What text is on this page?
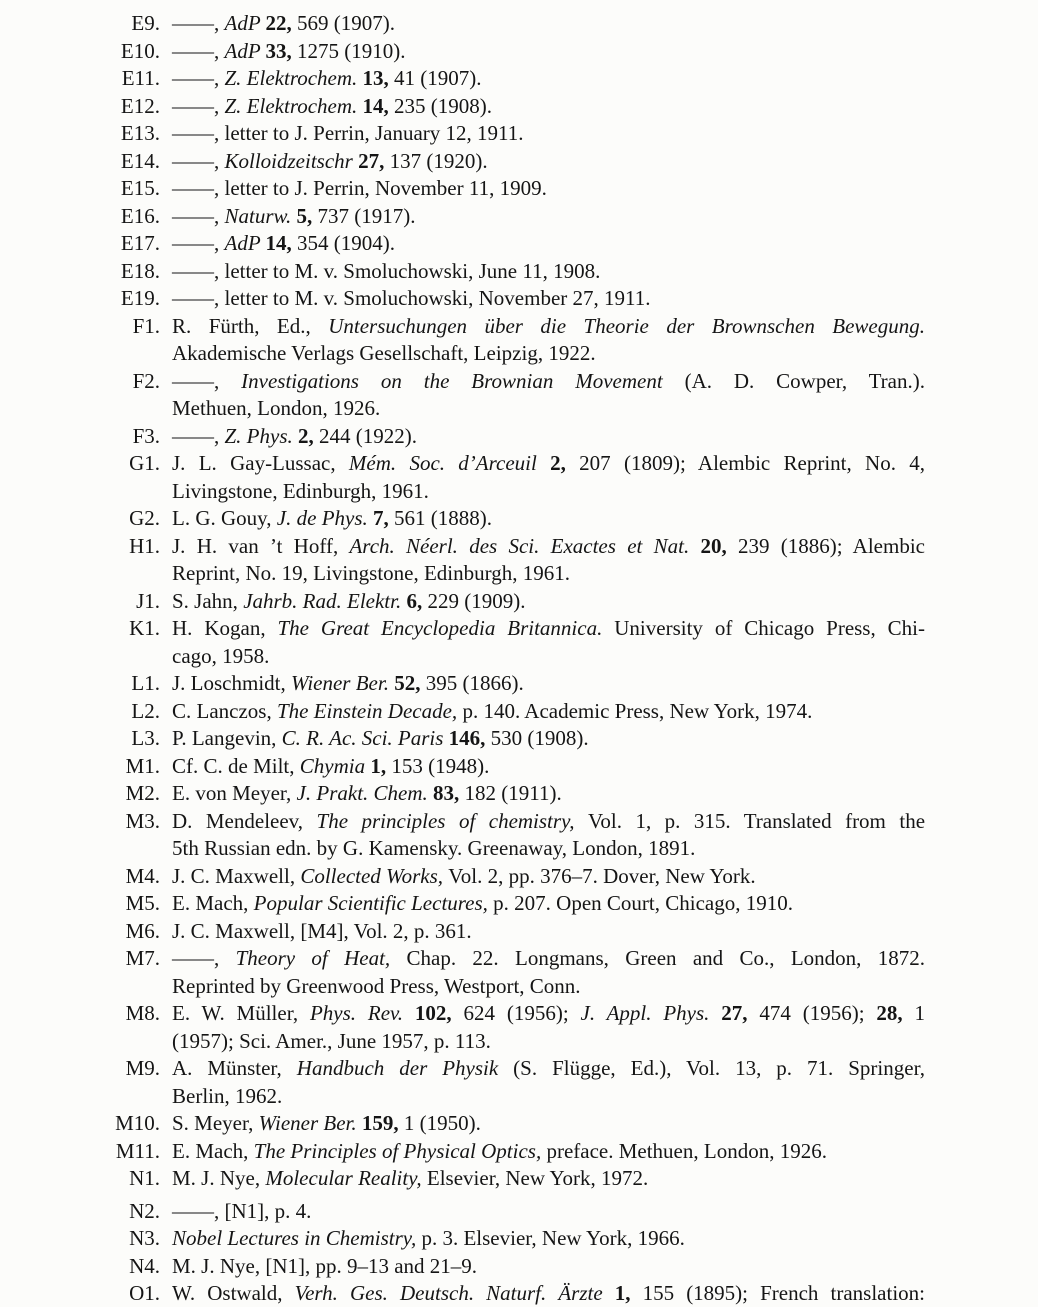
E9. ——, AdP 22, 569 (1907).
E10. ——, AdP 33, 1275 (1910).
E11. ——, Z. Elektrochem. 13, 41 (1907).
E12. ——, Z. Elektrochem. 14, 235 (1908).
E13. ——, letter to J. Perrin, January 12, 1911.
E14. ——, Kolloidzeitschr 27, 137 (1920).
E15. ——, letter to J. Perrin, November 11, 1909.
E16. ——, Naturw. 5, 737 (1917).
E17. ——, AdP 14, 354 (1904).
E18. ——, letter to M. v. Smoluchowski, June 11, 1908.
E19. ——, letter to M. v. Smoluchowski, November 27, 1911.
F1. R. Fürth, Ed., Untersuchungen über die Theorie der Brownschen Bewegung.
Akademische Verlags Gesellschaft, Leipzig, 1922.
F2. ——, Investigations on the Brownian Movement (A. D. Cowper, Tran.).
Methuen, London, 1926.
F3. ——, Z. Phys. 2, 244 (1922).
G1. J. L. Gay-Lussac, Mém. Soc. d’Arceuil 2, 207 (1809); Alembic Reprint, No. 4,
Livingstone, Edinburgh, 1961.
G2. L. G. Gouy, J. de Phys. 7, 561 (1888).
H1. J. H. van ’t Hoff, Arch. Néerl. des Sci. Exactes et Nat. 20, 239 (1886); Alembic
Reprint, No. 19, Livingstone, Edinburgh, 1961.
J1. S. Jahn, Jahrb. Rad. Elektr. 6, 229 (1909).
K1. H. Kogan, The Great Encyclopedia Britannica. University of Chicago Press, Chi-
cago, 1958.
L1. J. Loschmidt, Wiener Ber. 52, 395 (1866).
L2. C. Lanczos, The Einstein Decade, p. 140. Academic Press, New York, 1974.
L3. P. Langevin, C. R. Ac. Sci. Paris 146, 530 (1908).
M1. Cf. C. de Milt, Chymia 1, 153 (1948).
M2. E. von Meyer, J. Prakt. Chem. 83, 182 (1911).
M3. D. Mendeleev, The principles of chemistry, Vol. 1, p. 315. Translated from the
5th Russian edn. by G. Kamensky. Greenaway, London, 1891.
M4. J. C. Maxwell, Collected Works, Vol. 2, pp. 376–7. Dover, New York.
M5. E. Mach, Popular Scientific Lectures, p. 207. Open Court, Chicago, 1910.
M6. J. C. Maxwell, [M4], Vol. 2, p. 361.
M7. ——, Theory of Heat, Chap. 22. Longmans, Green and Co., London, 1872.
Reprinted by Greenwood Press, Westport, Conn.
M8. E. W. Müller, Phys. Rev. 102, 624 (1956); J. Appl. Phys. 27, 474 (1956); 28, 1
(1957); Sci. Amer., June 1957, p. 113.
M9. A. Münster, Handbuch der Physik (S. Flügge, Ed.), Vol. 13, p. 71. Springer,
Berlin, 1962.
M10. S. Meyer, Wiener Ber. 159, 1 (1950).
M11. E. Mach, The Principles of Physical Optics, preface. Methuen, London, 1926.
N1. M. J. Nye, Molecular Reality, Elsevier, New York, 1972.
N2. ——, [N1], p. 4.
N3. Nobel Lectures in Chemistry, p. 3. Elsevier, New York, 1966.
N4. M. J. Nye, [N1], pp. 9–13 and 21–9.
O1. W. Ostwald, Verh. Ges. Deutsch. Naturf. Ärzte 1, 155 (1895); French translation:
